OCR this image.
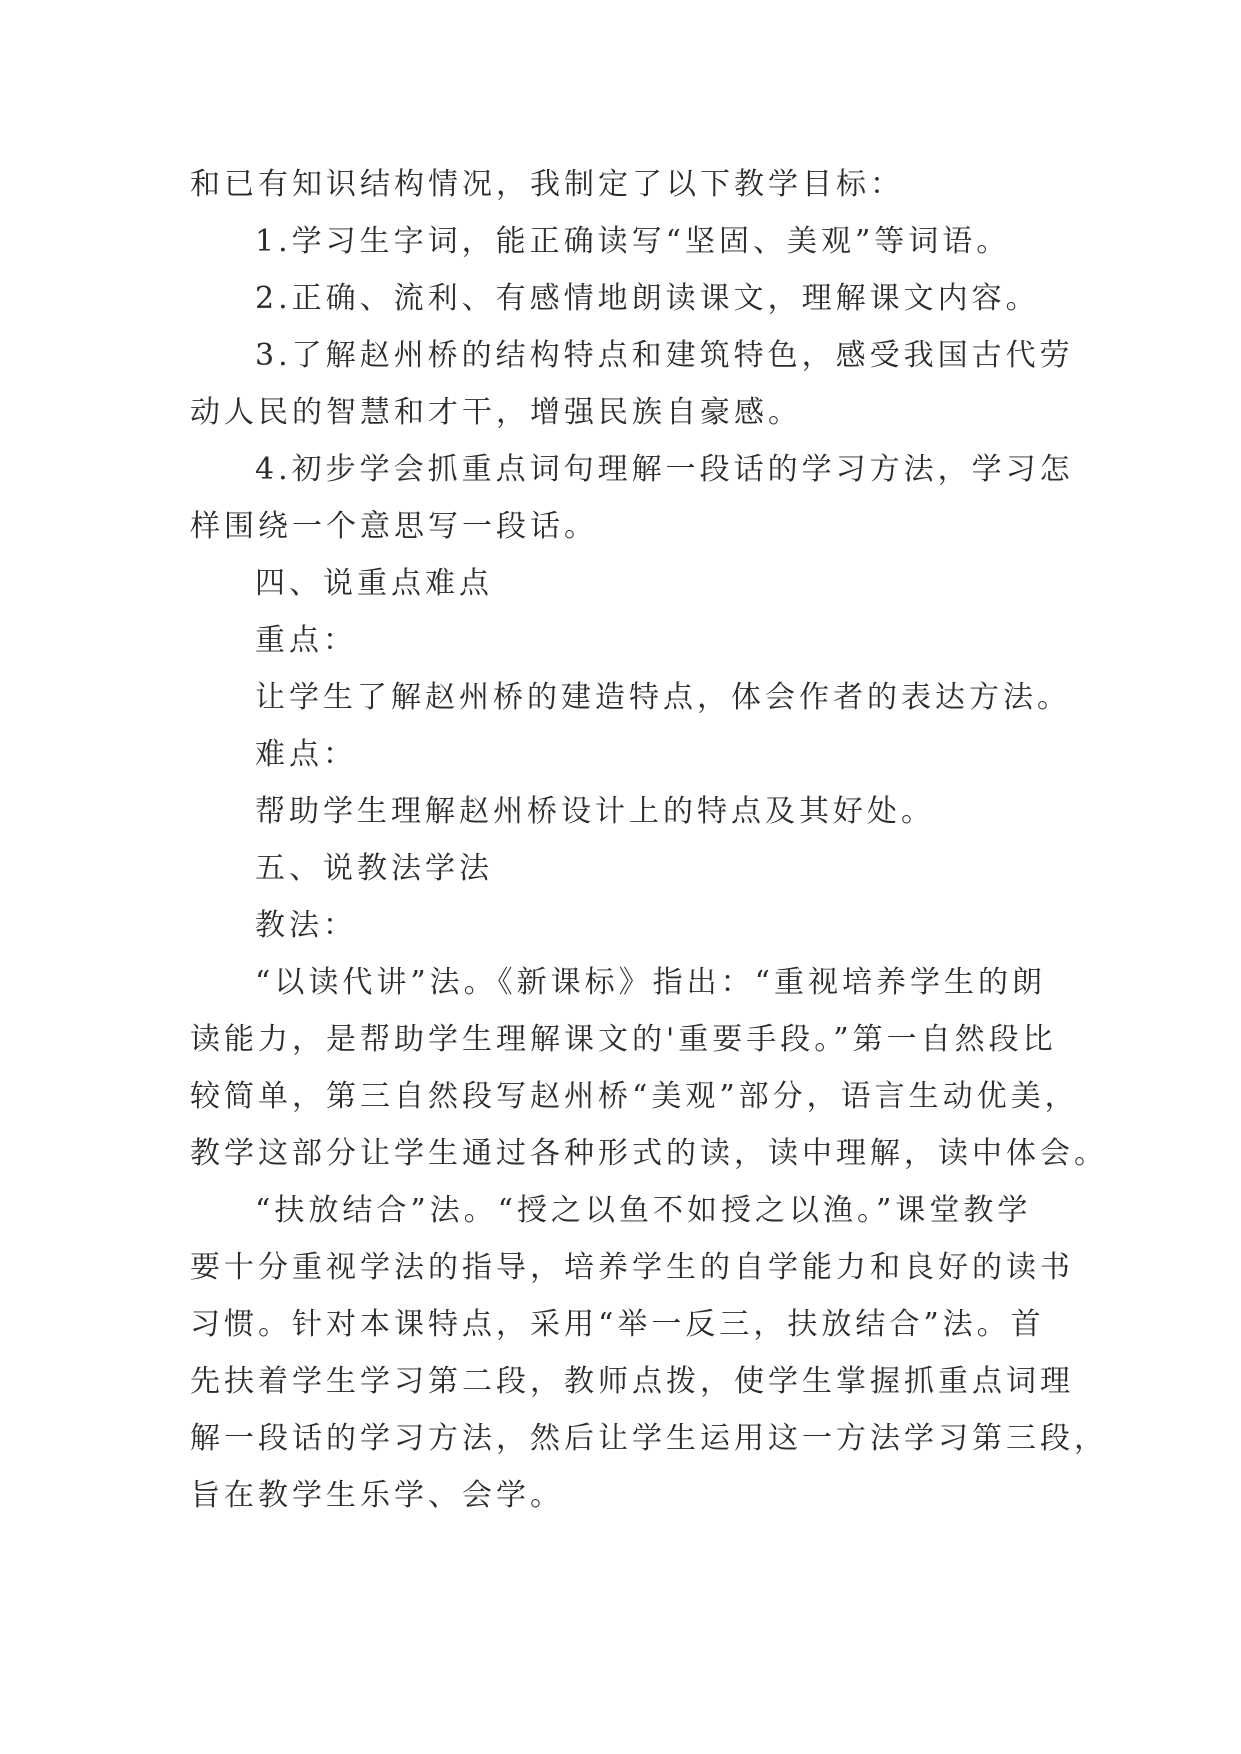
和已有知识结构情况，我制定了以下教学目标：
1.学习生字词，能正确读写“坚固、美观”等词语。
2.正确、流利、有感情地朗读课文，理解课文内容。
3.了解赵州桥的结构特点和建筑特色，感受我国古代劳
动人民的智慧和才干，增强民族自豪感。
4.初步学会抓重点词句理解一段话的学习方法，学习怎
样围绕一个意思写一段话。
四、说重点难点
重点：
让学生了解赵州桥的建造特点，体会作者的表达方法。
难点：
帮助学生理解赵州桥设计上的特点及其好处。
五、说教法学法
教法：
“以读代讲”法。《新课标》指出：“重视培养学生的朗
读能力，是帮助学生理解课文的'重要手段。”第一自然段比
较简单，第三自然段写赵州桥“美观”部分，语言生动优美，
教学这部分让学生通过各种形式的读，读中理解，读中体会。
“扶放结合”法。“授之以鱼不如授之以渔。”课堂教学
要十分重视学法的指导，培养学生的自学能力和良好的读书
习惯。针对本课特点，采用“举一反三，扶放结合”法。首
先扶着学生学习第二段，教师点拨，使学生掌握抓重点词理
解一段话的学习方法，然后让学生运用这一方法学习第三段，
旨在教学生乐学、会学。
